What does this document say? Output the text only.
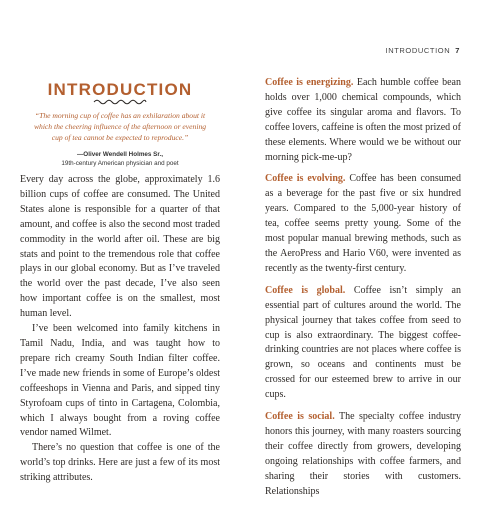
INTRODUCTION

“The morning cup of coffee has an exhilaration about it which the cheering influence of the afternoon or evening cup of tea cannot be expected to reproduce.”

—Oliver Wendell Holmes Sr.,
19th-century American physician and poet

Every day across the globe, approximately 1.6 billion cups of coffee are consumed. The United States alone is responsible for a quarter of that amount, and coffee is also the second most traded commodity in the world after oil. These are big stats and point to the tremendous role that coffee plays in our global economy. But as I’ve traveled the world over the past decade, I’ve also seen how important coffee is on the smallest, most human level.

I’ve been welcomed into family kitchens in Tamil Nadu, India, and was taught how to prepare rich creamy South Indian filter coffee. I’ve made new friends in some of Europe’s oldest coffeeshops in Vienna and Paris, and sipped tiny Styrofoam cups of tinto in Cartagena, Colombia, which I always bought from a roving coffee vendor named Wilmet.

There’s no question that coffee is one of the world’s top drinks. Here are just a few of its most striking attributes.

INTRODUCTION 7

Coffee is energizing. Each humble coffee bean holds over 1,000 chemical compounds, which give coffee its singular aroma and flavors. To coffee lovers, caffeine is often the most prized of these elements. Where would we be without our morning pick-me-up?

Coffee is evolving. Coffee has been consumed as a beverage for the past five or six hundred years. Compared to the 5,000-year history of tea, coffee seems pretty young. Some of the most popular manual brewing methods, such as the AeroPress and Hario V60, were invented as recently as the twenty-first century.

Coffee is global. Coffee isn’t simply an essential part of cultures around the world. The physical journey that takes coffee from seed to cup is also extraordinary. The biggest coffee-drinking countries are not places where coffee is grown, so oceans and continents must be crossed for our esteemed brew to arrive in our cups.

Coffee is social. The specialty coffee industry honors this journey, with many roasters sourcing their coffee directly from growers, developing ongoing relationships with coffee farmers, and sharing their stories with customers. Relationships
